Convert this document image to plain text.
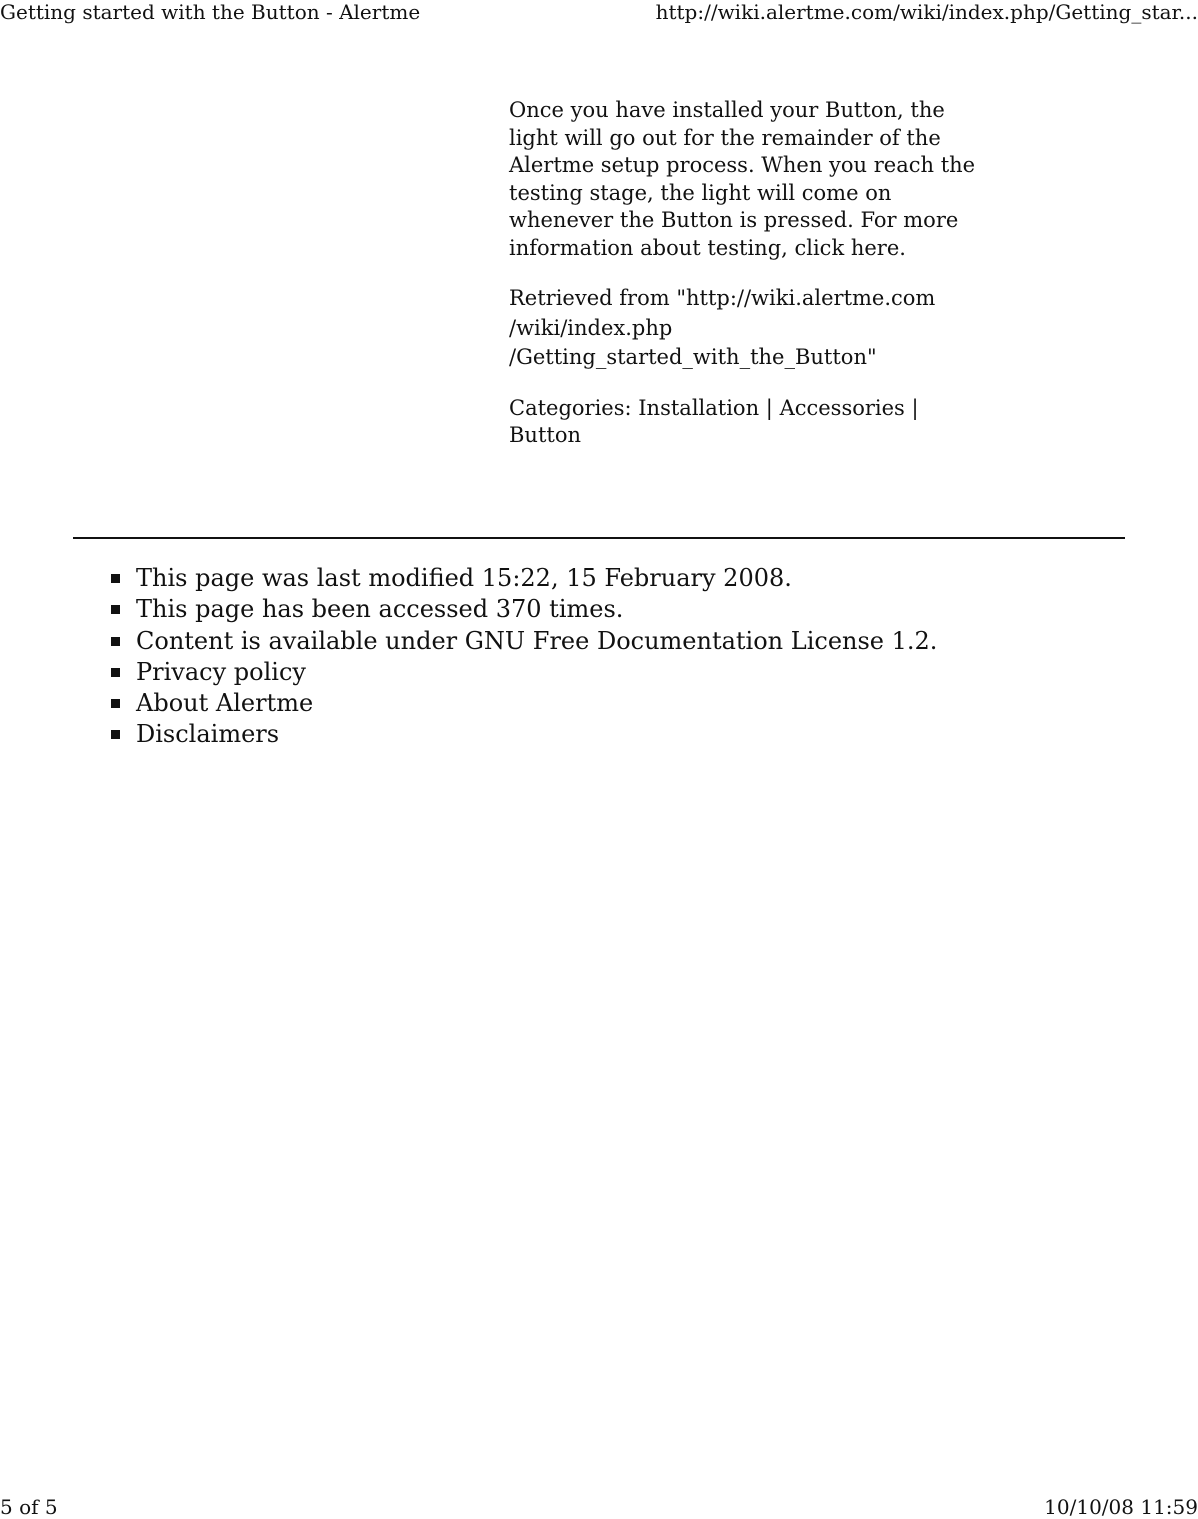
Getting started with the Button - Alertme	http://wiki.alertme.com/wiki/index.php/Getting_star...

Once you have installed your Button, the light will go out for the remainder of the Alertme setup process. When you reach the testing stage, the light will come on whenever the Button is pressed. For more information about testing, click here.

Retrieved from "http://wiki.alertme.com
/wiki/index.php
/Getting_started_with_the_Button"

Categories: Installation | Accessories |
Button

This page was last modified 15:22, 15 February 2008.
This page has been accessed 370 times.
Content is available under GNU Free Documentation License 1.2.
Privacy policy
About Alertme
Disclaimers
5 of 5	10/10/08 11:59
